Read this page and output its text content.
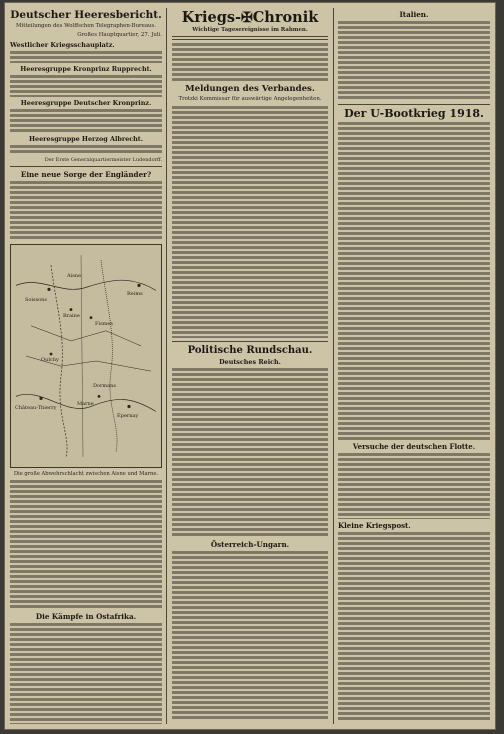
Deutscher Heeresbericht.
Mitteilungen des Wolffschen Telegraphen-Bureaus.
Großes Hauptquartier, 27. Juli.
Westlicher Kriegsschauplatz.
Heeresgruppe Kronprinz Rupprecht.
Heeresgruppe Deutscher Kronprinz.
Heeresgruppe Herzog Albrecht.
Der Erste Generalquartiermeister Ludendorff.
Eine neue Sorge der Engländer?
Aisne
Soissons
Reims
Marne
Château-Thierry
Épernay
Fismes
Braine
Oulchy
Dormans
Die große Abwehrschlacht zwischen Aisne und Marne.
Die Kämpfe in Ostafrika.
Kriegs-✠Chronik
Wichtige Tagesereignisse im Rahmen.
Meldungen des Verbandes.
Trotzki Kommissar für auswärtige Angelegenheiten.
Politische Rundschau.
Deutsches Reich.
Österreich-Ungarn.
Italien.
Der U-Bootkrieg 1918.
Versuche der deutschen Flotte.
Kleine Kriegspost.
